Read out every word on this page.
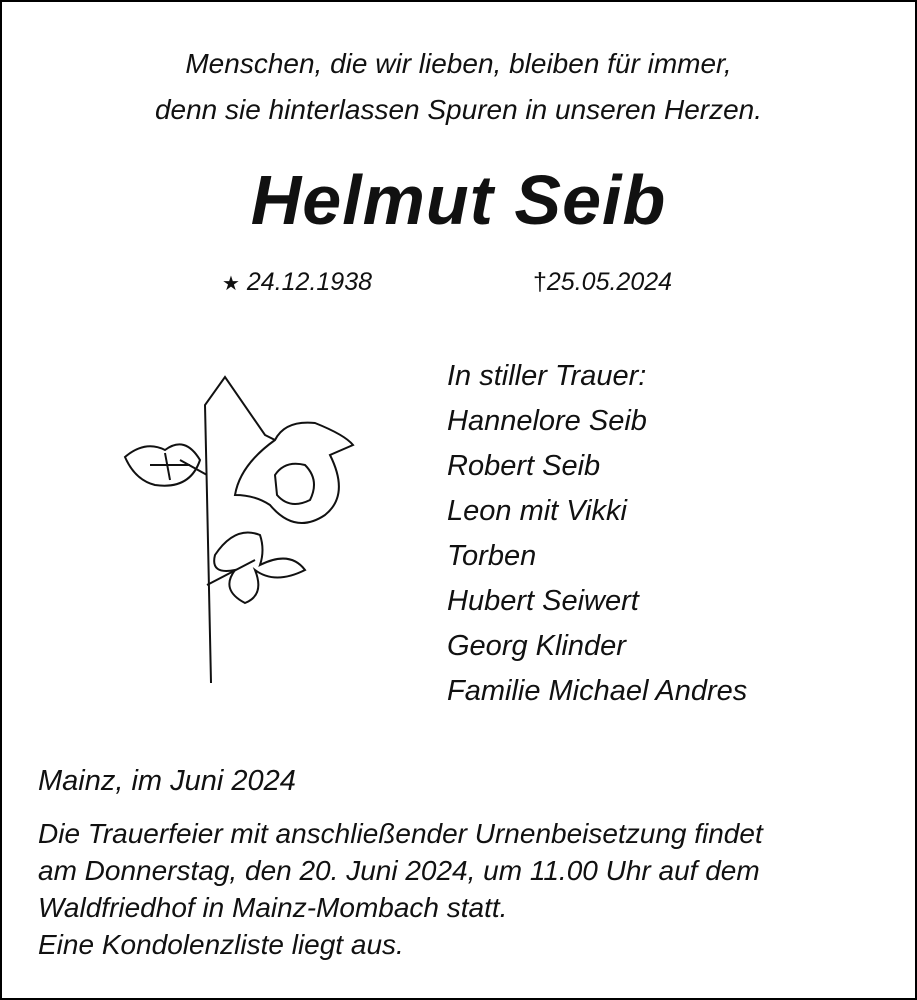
Menschen, die wir lieben, bleiben für immer,
denn sie hinterlassen Spuren in unseren Herzen.
Helmut Seib
★ 24.12.1938	†25.05.2024
In stiller Trauer:
Hannelore Seib
Robert Seib
Leon mit Vikki
Torben
Hubert Seiwert
Georg Klinder
Familie Michael Andres
Mainz, im Juni 2024
Die Trauerfeier mit anschließender Urnenbeisetzung findet
am Donnerstag, den 20. Juni 2024, um 11.00 Uhr auf dem
Waldfriedhof in Mainz-Mombach statt.
Eine Kondolenzliste liegt aus.
